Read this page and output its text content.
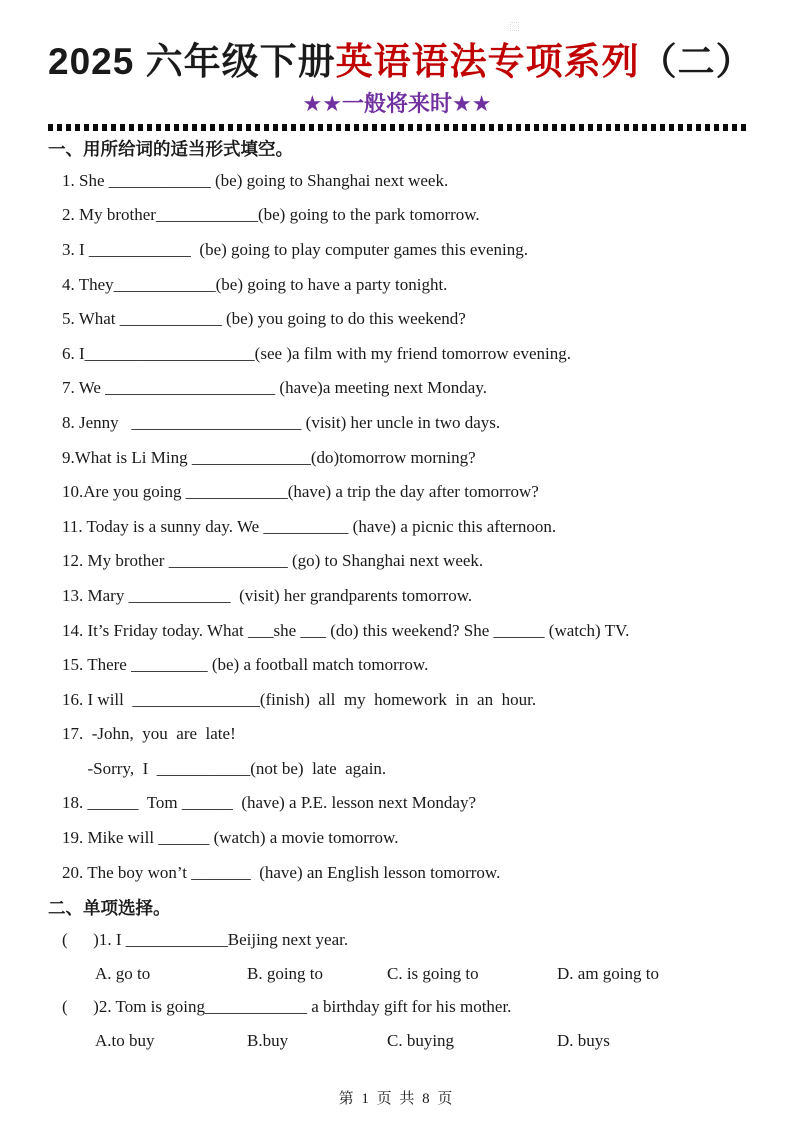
2025 六年级下册英语语法专项系列（二）
★★一般将来时★★
一、用所给词的适当形式填空。
1. She ____________ (be) going to Shanghai next week.
2. My brother____________(be) going to the park tomorrow.
3. I ____________  (be) going to play computer games this evening.
4. They____________(be) going to have a party tonight.
5. What ____________ (be) you going to do this weekend?
6. I____________________(see )a film with my friend tomorrow evening.
7. We ____________________ (have)a meeting next Monday.
8. Jenny   ____________________ (visit) her uncle in two days.
9.What is Li Ming ______________(do)tomorrow morning?
10.Are you going ____________(have) a trip the day after tomorrow?
11. Today is a sunny day. We __________ (have) a picnic this afternoon.
12. My brother ______________ (go) to Shanghai next week.
13. Mary ____________  (visit) her grandparents tomorrow.
14. It’s Friday today. What ___she ___ (do) this weekend? She ______ (watch) TV.
15. There _________ (be) a football match tomorrow.
16. I will  _______________(finish)  all  my  homework  in  an  hour.
17.  -John,  you  are  late!
-Sorry,  I  ___________(not be)  late  again.
18. ______  Tom ______  (have) a P.E. lesson next Monday?
19. Mike will ______ (watch) a movie tomorrow.
20. The boy won’t _______  (have) an English lesson tomorrow.
二、单项选择。
(      )1. I ____________Beijing next year.
A. go to	B. going to	C. is going to	D. am going to
(      )2. Tom is going____________ a birthday gift for his mother.
A.to buy	B.buy	C. buying	D. buys
第 1 页 共 8 页
